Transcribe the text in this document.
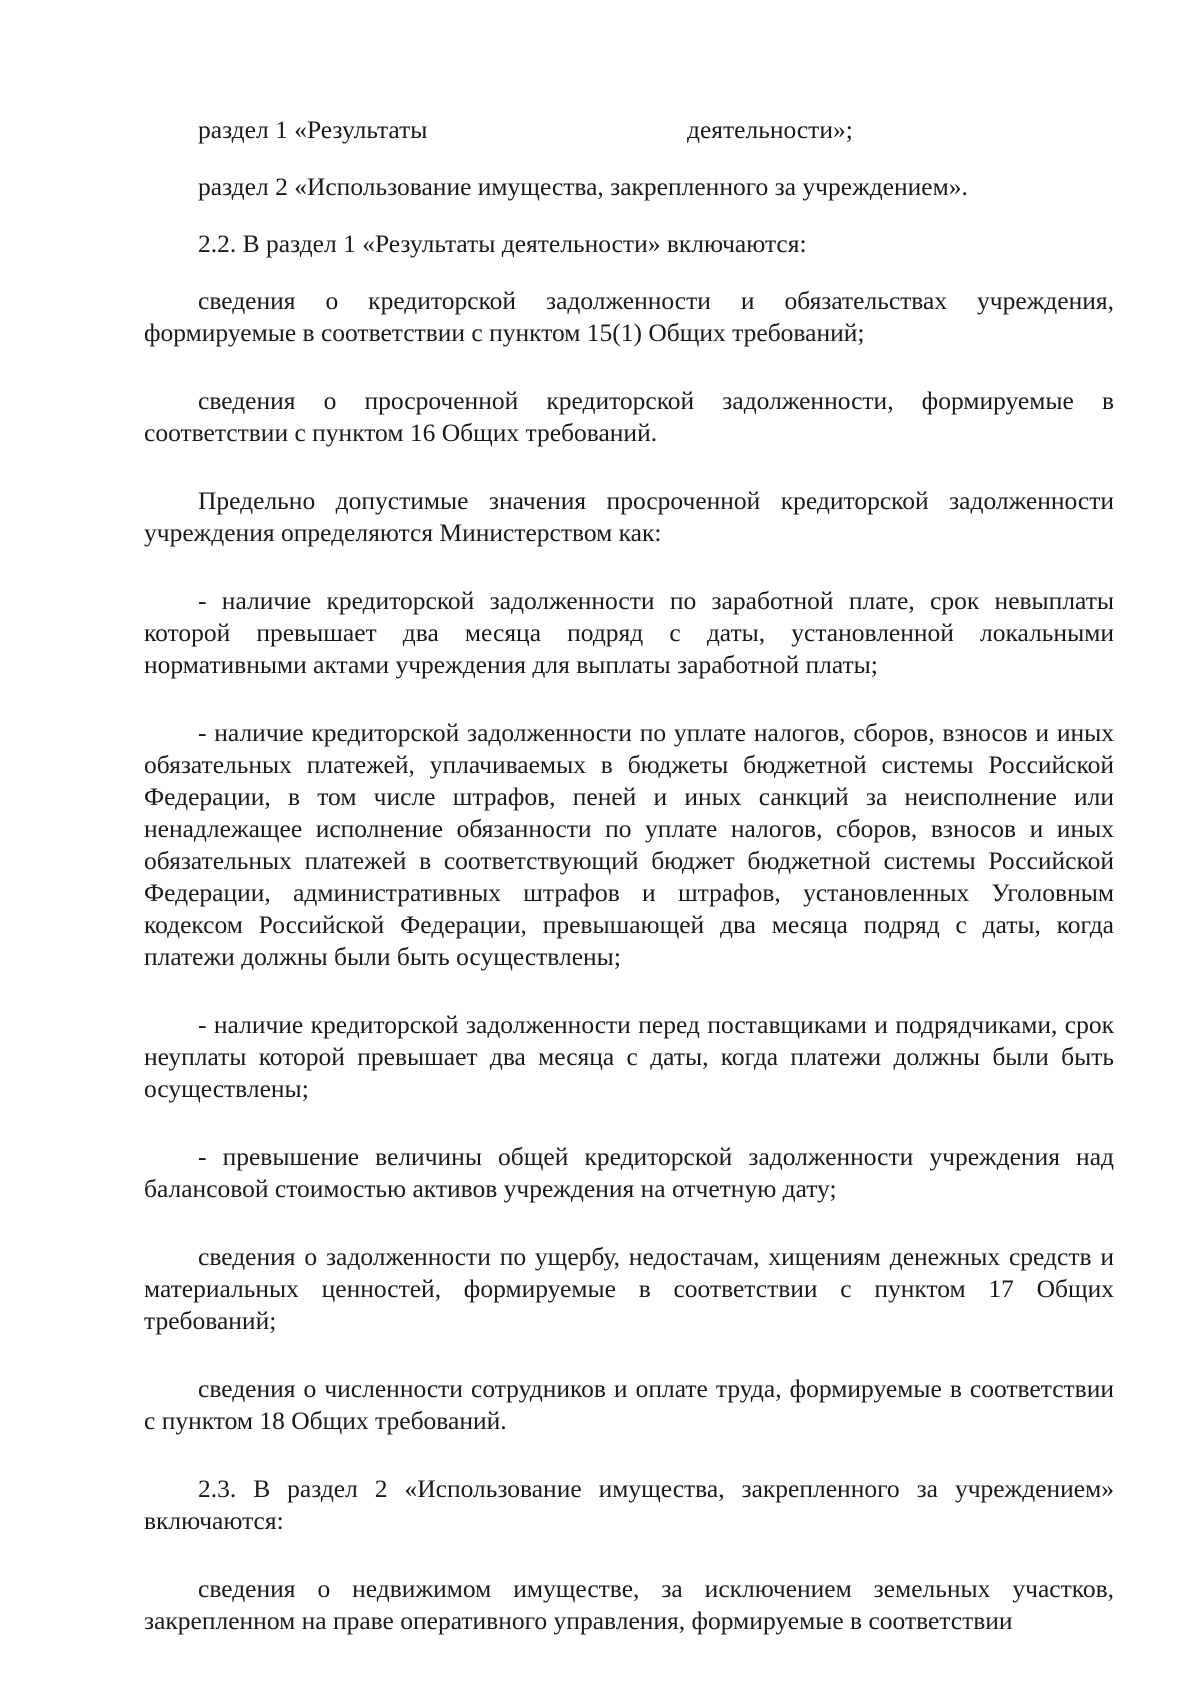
раздел 1 «Результаты	деятельности»;

раздел 2 «Использование имущества, закрепленного за учреждением».

2.2. В раздел 1 «Результаты деятельности» включаются:

сведения о кредиторской задолженности и обязательствах учреждения, формируемые в соответствии с пунктом 15(1) Общих требований;

сведения о просроченной кредиторской задолженности, формируемые в соответствии с пунктом 16 Общих требований.

Предельно допустимые значения просроченной кредиторской задолженности учреждения определяются Министерством как:

- наличие кредиторской задолженности по заработной плате, срок невыплаты которой превышает два месяца подряд с даты, установленной локальными нормативными актами учреждения для выплаты заработной платы;

- наличие кредиторской задолженности по уплате налогов, сборов, взносов и иных обязательных платежей, уплачиваемых в бюджеты бюджетной системы Российской Федерации, в том числе штрафов, пеней и иных санкций за неисполнение или ненадлежащее исполнение обязанности по уплате налогов, сборов, взносов и иных обязательных платежей в соответствующий бюджет бюджетной системы Российской Федерации, административных штрафов и штрафов, установленных Уголовным кодексом Российской Федерации, превышающей два месяца подряд с даты, когда платежи должны были быть осуществлены;

- наличие кредиторской задолженности перед поставщиками и подрядчиками, срок неуплаты которой превышает два месяца с даты, когда платежи должны были быть осуществлены;

- превышение величины общей кредиторской задолженности учреждения над балансовой стоимостью активов учреждения на отчетную дату;

сведения о задолженности по ущербу, недостачам, хищениям денежных средств и материальных ценностей, формируемые в соответствии с пунктом 17 Общих требований;

сведения о численности сотрудников и оплате труда, формируемые в соответствии с пунктом 18 Общих требований.

2.3. В раздел 2 «Использование имущества, закрепленного за учреждением» включаются:

сведения о недвижимом имуществе, за исключением земельных участков, закрепленном на праве оперативного управления, формируемые в соответствии
